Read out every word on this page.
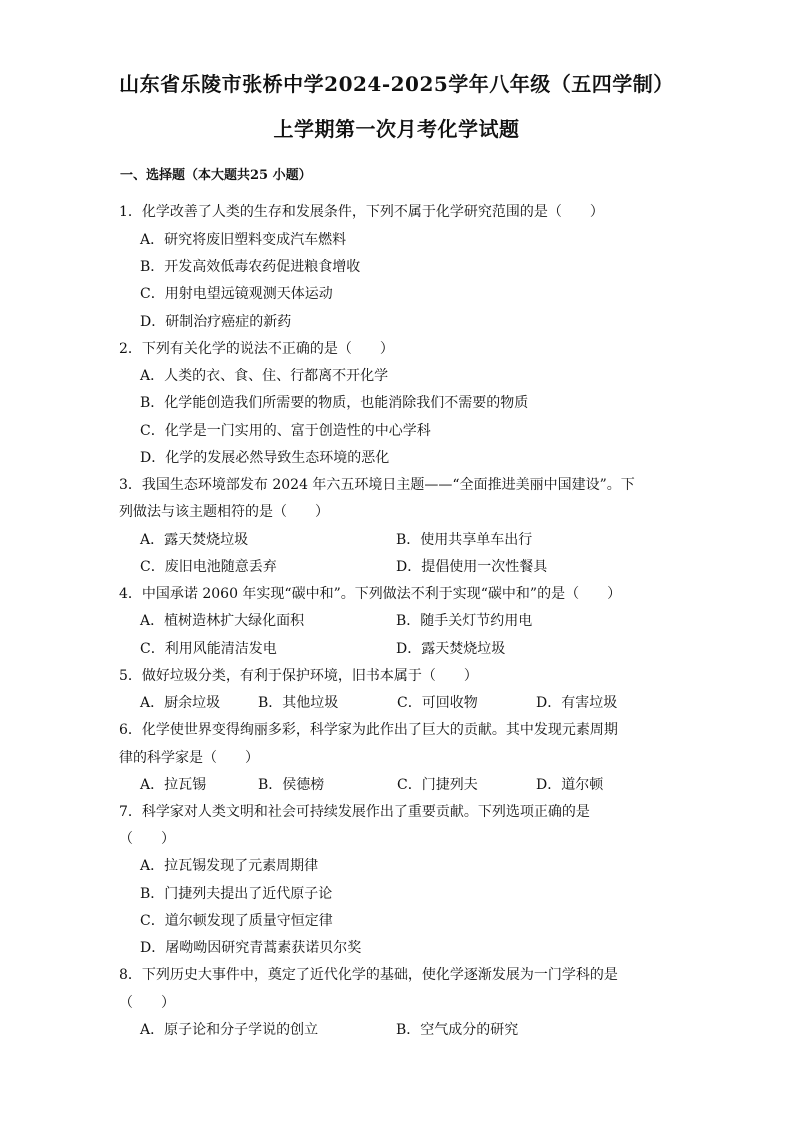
山东省乐陵市张桥中学2024-2025学年八年级（五四学制）
上学期第一次月考化学试题
一、选择题（本大题共25 小题）
1．化学改善了人类的生存和发展条件，下列不属于化学研究范围的是（　　）
A．研究将废旧塑料变成汽车燃料
B．开发高效低毒农药促进粮食增收
C．用射电望远镜观测天体运动
D．研制治疗癌症的新药
2．下列有关化学的说法不正确的是（　　）
A．人类的衣、食、住、行都离不开化学
B．化学能创造我们所需要的物质，也能消除我们不需要的物质
C．化学是一门实用的、富于创造性的中心学科
D．化学的发展必然导致生态环境的恶化
3．我国生态环境部发布 2024 年六五环境日主题——“全面推进美丽中国建设”。下
列做法与该主题相符的是（　　）
A．露天焚烧垃圾	B．使用共享单车出行
C．废旧电池随意丢弃	D．提倡使用一次性餐具
4．中国承诺 2060 年实现“碳中和”。下列做法不利于实现“碳中和”的是（　　）
A．植树造林扩大绿化面积	B．随手关灯节约用电
C．利用风能清洁发电	D．露天焚烧垃圾
5．做好垃圾分类，有利于保护环境，旧书本属于（　　）
A．厨余垃圾	B．其他垃圾	C．可回收物	D．有害垃圾
6．化学使世界变得绚丽多彩，科学家为此作出了巨大的贡献。其中发现元素周期
律的科学家是（　　）
A．拉瓦锡	B．侯德榜	C．门捷列夫	D．道尔顿
7．科学家对人类文明和社会可持续发展作出了重要贡献。下列选项正确的是
（　　）
A．拉瓦锡发现了元素周期律
B．门捷列夫提出了近代原子论
C．道尔顿发现了质量守恒定律
D．屠呦呦因研究青蒿素获诺贝尔奖
8．下列历史大事件中，奠定了近代化学的基础，使化学逐渐发展为一门学科的是
（　　）
A．原子论和分子学说的创立	B．空气成分的研究
